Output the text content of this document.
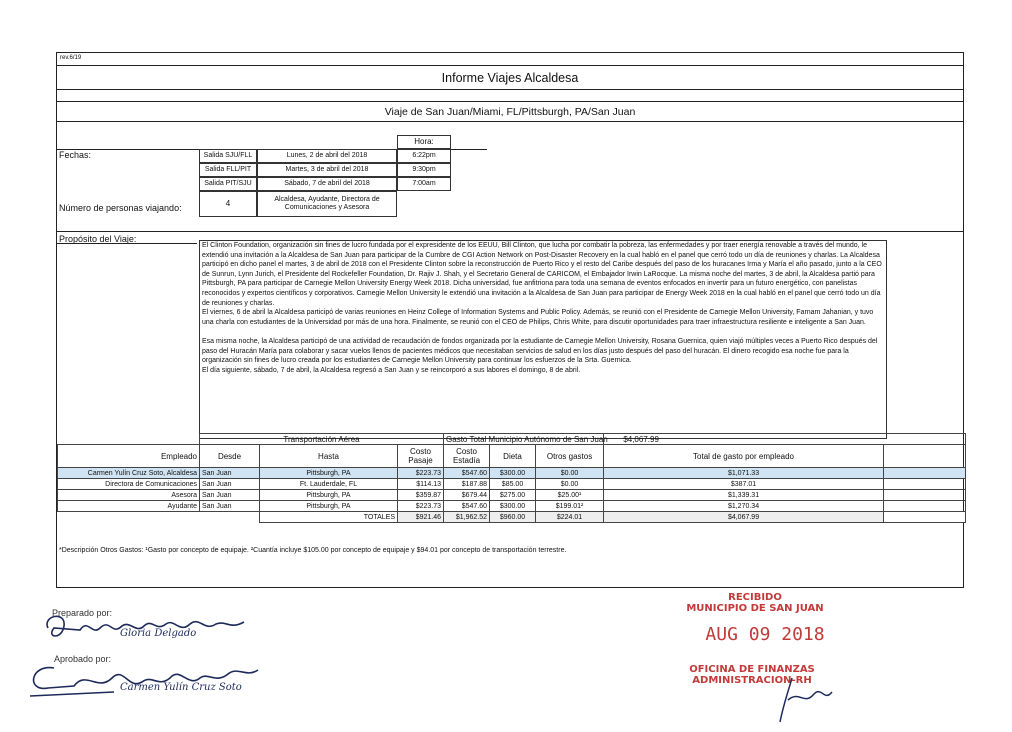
rev.6/19
Informe Viajes Alcaldesa
Viaje de San Juan/Miami, FL/Pittsburgh, PA/San Juan
Hora:
Fechas:	Salida SJU/FLL	Lunes, 2 de abril del 2018	6:22pm
Salida FLL/PIT	Martes, 3 de abril del 2018	9:30pm
Salida PIT/SJU	Sábado, 7 de abril del 2018	7:00am
Número de personas viajando:	4	Alcaldesa, Ayudante, Directora de Comunicaciones y Asesora
Propósito del Viaje:

El Clinton Foundation, organización sin fines de lucro fundada por el expresidente de los EEUU, Bill Clinton, que lucha por combatir la pobreza, las enfermedades y por traer energía renovable a través del mundo, le extendió una invitación a la Alcaldesa de San Juan para participar de la Cumbre de CGI Action Network on Post-Disaster Recovery en la cual habló en el panel que cerró todo un día de reuniones y charlas. La Alcaldesa participó en dicho panel el martes, 3 de abril de 2018 con el Presidente Clinton sobre la reconstrucción de Puerto Rico y el resto del Caribe después del paso de los huracanes Irma y María el año pasado, junto a la CEO de Sunrun, Lynn Jurich, el Presidente del Rockefeller Foundation, Dr. Rajiv J. Shah, y el Secretario General de CARICOM, el Embajador Irwin LaRocque. La misma noche del martes, 3 de abril, la Alcaldesa partió para Pittsburgh, PA para participar de Carnegie Mellon University Energy Week 2018. Dicha universidad, fue anfitriona para toda una semana de eventos enfocados en invertir para un futuro energético, con panelistas reconocidos y expertos científicos y corporativos. Carnegie Mellon University le extendió una invitación a la Alcaldesa de San Juan para participar de Energy Week 2018 en la cual habló en el panel que cerró todo un día de reuniones y charlas.

El viernes, 6 de abril la Alcaldesa participó de varias reuniones en Heinz College of Information Systems and Public Policy. Además, se reunió con el Presidente de Carnegie Mellon University, Farnam Jahanian, y tuvo una charla con estudiantes de la Universidad por más de una hora. Finalmente, se reunió con el CEO de Philips, Chris White, para discutir oportunidades para traer infraestructura resiliente e inteligente a San Juan.

Esa misma noche, la Alcaldesa participó de una actividad de recaudación de fondos organizada por la estudiante de Carnegie Mellon University, Rosana Guernica, quien viajó múltiples veces a Puerto Rico después del paso del Huracán María para colaborar y sacar vuelos llenos de pacientes médicos que necesitaban servicios de salud en los días justo después del paso del huracán. El dinero recogido esa noche fue para la organización sin fines de lucro creada por los estudiantes de Carnegie Mellon University para continuar los esfuerzos de la Srta. Guernica.

El día siguiente, sábado, 7 de abril, la Alcaldesa regresó a San Juan y se reincorporó a sus labores el domingo, 8 de abril.

	Transportación Aérea			Gasto Total Municipio Autónomo de San Juan $4,067.99				
Empleado	Desde	Hasta	Costo Pasaje	Costo Estadía	Dieta	Otros gastos	Total de gasto por empleado	
Carmen Yulín Cruz Soto, Alcaldesa	San Juan	Pittsburgh, PA	$223.73	$547.60	$300.00	$0.00	$1,071.33	
Directora de Comunicaciones	San Juan	Ft. Lauderdale, FL	$114.13	$187.88	$85.00	$0.00	$387.01	
Asesora	San Juan	Pittsburgh, PA	$359.87	$679.44	$275.00	$25.00¹	$1,339.31	
Ayudante	San Juan	Pittsburgh, PA	$223.73	$547.60	$300.00	$199.01²	$1,270.34	
		TOTALES	$921.46	$1,962.52	$960.00	$224.01	$4,067.99	
*Descripción Otros Gastos: ¹Gasto por concepto de equipaje. ²Cuantía incluye $105.00 por concepto de equipaje y $94.01 por concepto de transportación terrestre.
Preparado por:
Gloria Delgado
Aprobado por:
Carmen Yulín Cruz Soto
RECIBIDO
MUNICIPIO DE SAN JUAN
AUG 09 2018
OFICINA DE FINANZAS
ADMINISTRACION-RH
